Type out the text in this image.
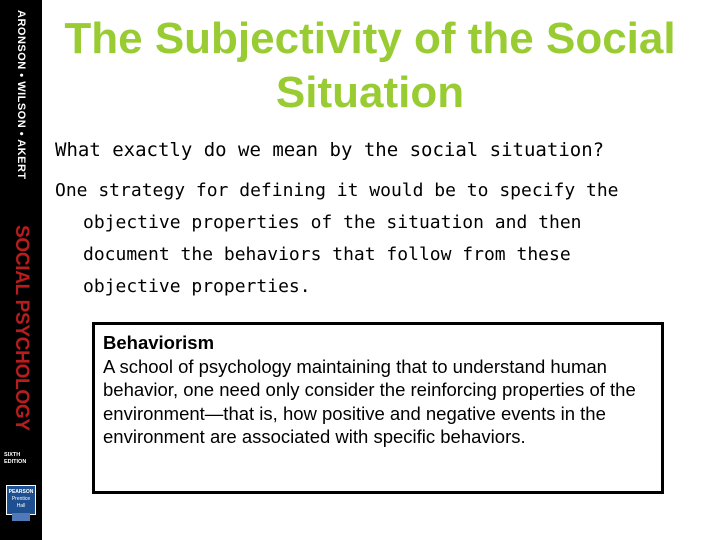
ARONSON • WILSON • AKERT
SOCIAL PSYCHOLOGY
SIXTH EDITION
PEARSON
Prentice Hall
The Subjectivity of the Social Situation
What exactly do we mean by the social situation?
One strategy for defining it would be to specify the objective properties of the situation and then document the behaviors that follow from these objective properties.
Behaviorism
A school of psychology maintaining that to understand human behavior, one need only consider the reinforcing properties of the environment—that is, how positive and negative events in the environment are associated with specific behaviors.
